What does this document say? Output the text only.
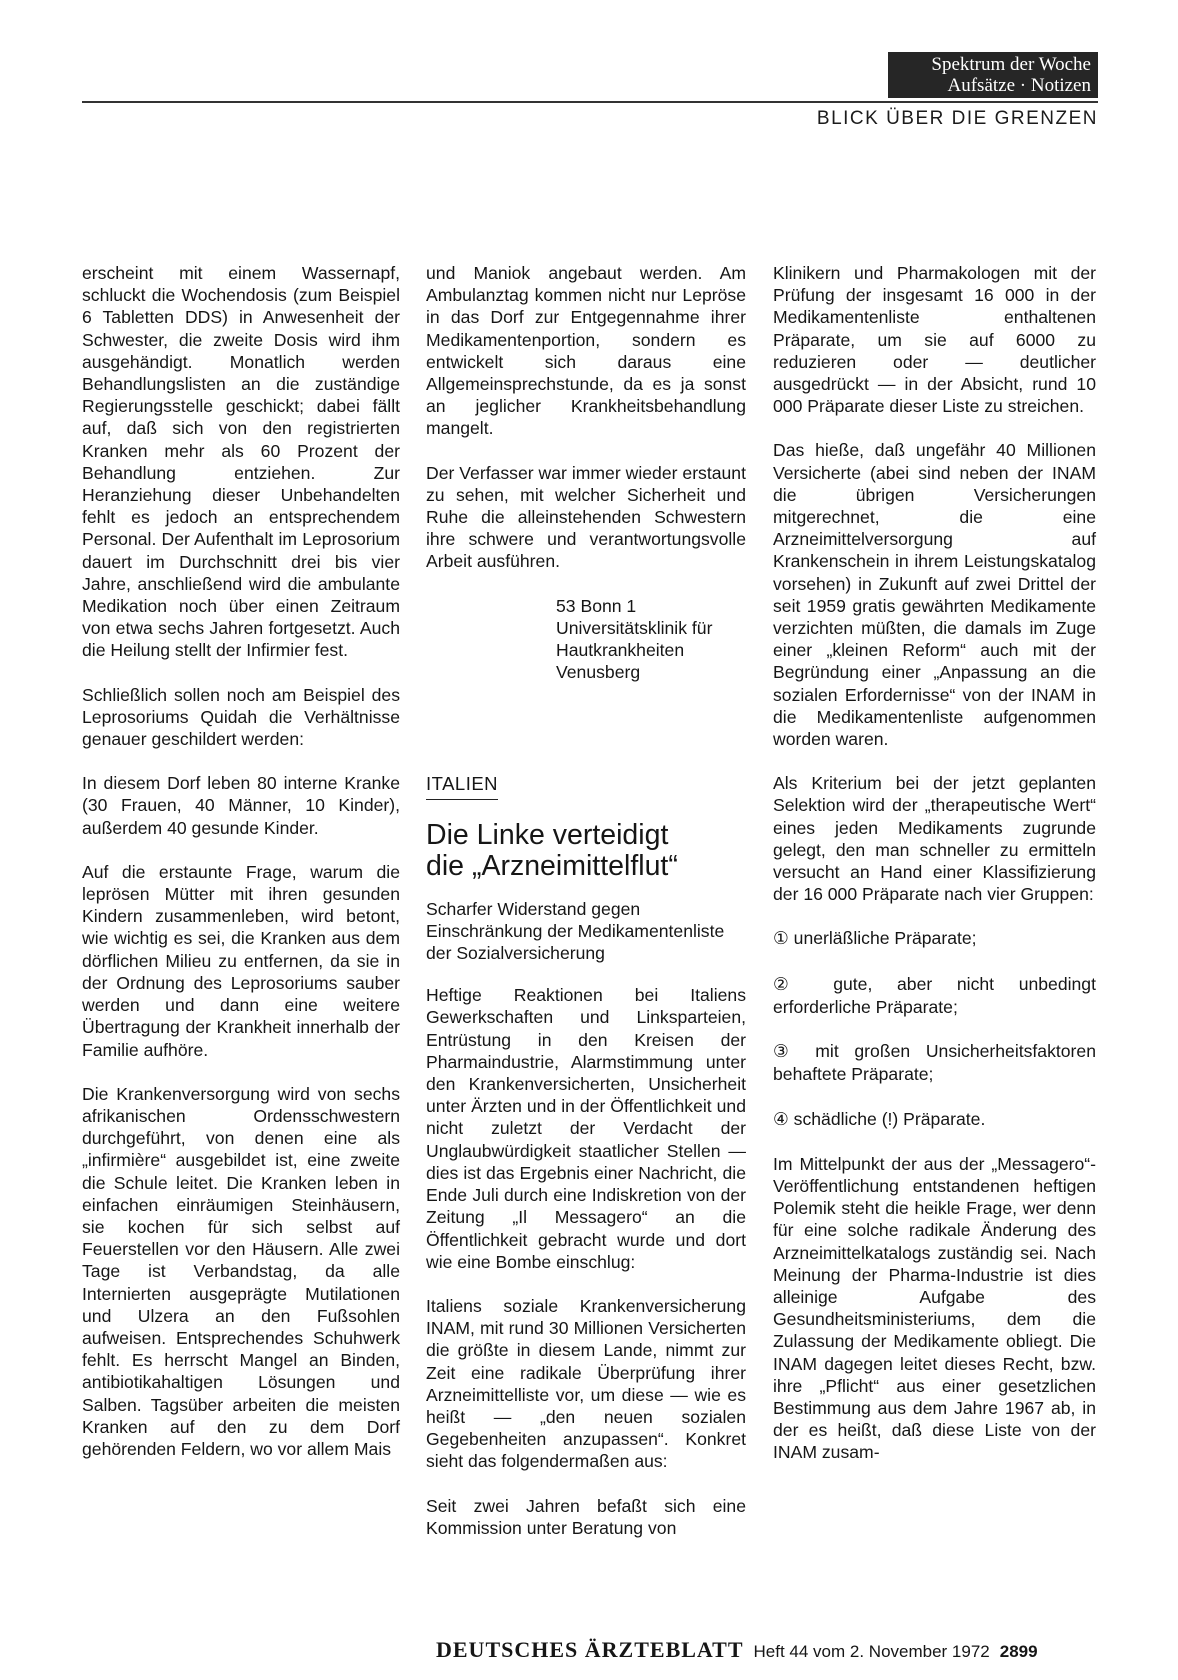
Spektrum der Woche
Aufsätze · Notizen
BLICK ÜBER DIE GRENZEN

erscheint mit einem Wassernapf, schluckt die Wochendosis (zum Beispiel 6 Tabletten DDS) in Anwesenheit der Schwester, die zweite Dosis wird ihm ausgehändigt. Monatlich werden Behandlungslisten an die zuständige Regierungsstelle geschickt; dabei fällt auf, daß sich von den registrierten Kranken mehr als 60 Prozent der Behandlung entziehen. Zur Heranziehung dieser Unbehandelten fehlt es jedoch an entsprechendem Personal. Der Aufenthalt im Leprosorium dauert im Durchschnitt drei bis vier Jahre, anschließend wird die ambulante Medikation noch über einen Zeitraum von etwa sechs Jahren fortgesetzt. Auch die Heilung stellt der Infirmier fest.

Schließlich sollen noch am Beispiel des Leprosoriums Quidah die Verhältnisse genauer geschildert werden:

In diesem Dorf leben 80 interne Kranke (30 Frauen, 40 Männer, 10 Kinder), außerdem 40 gesunde Kinder.

Auf die erstaunte Frage, warum die leprösen Mütter mit ihren gesunden Kindern zusammenleben, wird betont, wie wichtig es sei, die Kranken aus dem dörflichen Milieu zu entfernen, da sie in der Ordnung des Leprosoriums sauber werden und dann eine weitere Übertragung der Krankheit innerhalb der Familie aufhöre.

Die Krankenversorgung wird von sechs afrikanischen Ordensschwestern durchgeführt, von denen eine als „infirmière“ ausgebildet ist, eine zweite die Schule leitet. Die Kranken leben in einfachen einräumigen Steinhäusern, sie kochen für sich selbst auf Feuerstellen vor den Häusern. Alle zwei Tage ist Verbandstag, da alle Internierten ausgeprägte Mutilationen und Ulzera an den Fußsohlen aufweisen. Entsprechendes Schuhwerk fehlt. Es herrscht Mangel an Binden, antibiotikahaltigen Lösungen und Salben. Tagsüber arbeiten die meisten Kranken auf den zu dem Dorf gehörenden Feldern, wo vor allem Mais

und Maniok angebaut werden. Am Ambulanztag kommen nicht nur Lepröse in das Dorf zur Entgegennahme ihrer Medikamentenportion, sondern es entwickelt sich daraus eine Allgemeinsprechstunde, da es ja sonst an jeglicher Krankheitsbehandlung mangelt.

Der Verfasser war immer wieder erstaunt zu sehen, mit welcher Sicherheit und Ruhe die alleinstehenden Schwestern ihre schwere und verantwortungsvolle Arbeit ausführen.

53 Bonn 1
Universitätsklinik für
Hautkrankheiten
Venusberg

ITALIEN
Die Linke verteidigt
die „Arzneimittelflut“

Scharfer Widerstand gegen Einschränkung der Medikamentenliste der Sozialversicherung

Heftige Reaktionen bei Italiens Gewerkschaften und Linksparteien, Entrüstung in den Kreisen der Pharmaindustrie, Alarmstimmung unter den Krankenversicherten, Unsicherheit unter Ärzten und in der Öffentlichkeit und nicht zuletzt der Verdacht der Unglaubwürdigkeit staatlicher Stellen — dies ist das Ergebnis einer Nachricht, die Ende Juli durch eine Indiskretion von der Zeitung „Il Messagero“ an die Öffentlichkeit gebracht wurde und dort wie eine Bombe einschlug:

Italiens soziale Krankenversicherung INAM, mit rund 30 Millionen Versicherten die größte in diesem Lande, nimmt zur Zeit eine radikale Überprüfung ihrer Arzneimittelliste vor, um diese — wie es heißt — „den neuen sozialen Gegebenheiten anzupassen“. Konkret sieht das folgendermaßen aus:

Seit zwei Jahren befaßt sich eine Kommission unter Beratung von

Klinikern und Pharmakologen mit der Prüfung der insgesamt 16 000 in der Medikamentenliste enthaltenen Präparate, um sie auf 6000 zu reduzieren oder — deutlicher ausgedrückt — in der Absicht, rund 10 000 Präparate dieser Liste zu streichen.

Das hieße, daß ungefähr 40 Millionen Versicherte (abei sind neben der INAM die übrigen Versicherungen mitgerechnet, die eine Arzneimittelversorgung auf Krankenschein in ihrem Leistungskatalog vorsehen) in Zukunft auf zwei Drittel der seit 1959 gratis gewährten Medikamente verzichten müßten, die damals im Zuge einer „kleinen Reform“ auch mit der Begründung einer „Anpassung an die sozialen Erfordernisse“ von der INAM in die Medikamentenliste aufgenommen worden waren.

Als Kriterium bei der jetzt geplanten Selektion wird der „therapeutische Wert“ eines jeden Medikaments zugrunde gelegt, den man schneller zu ermitteln versucht an Hand einer Klassifizierung der 16 000 Präparate nach vier Gruppen:

① unerläßliche Präparate;

② gute, aber nicht unbedingt erforderliche Präparate;

③ mit großen Unsicherheitsfaktoren behaftete Präparate;

④ schädliche (!) Präparate.

Im Mittelpunkt der aus der „Messagero“-Veröffentlichung entstandenen heftigen Polemik steht die heikle Frage, wer denn für eine solche radikale Änderung des Arzneimittelkatalogs zuständig sei. Nach Meinung der Pharma-Industrie ist dies alleinige Aufgabe des Gesundheitsministeriums, dem die Zulassung der Medikamente obliegt. Die INAM dagegen leitet dieses Recht, bzw. ihre „Pflicht“ aus einer gesetzlichen Bestimmung aus dem Jahre 1967 ab, in der es heißt, daß diese Liste von der INAM zusam-

DEUTSCHES ÄRZTEBLATT Heft 44 vom 2. November 1972 2899
